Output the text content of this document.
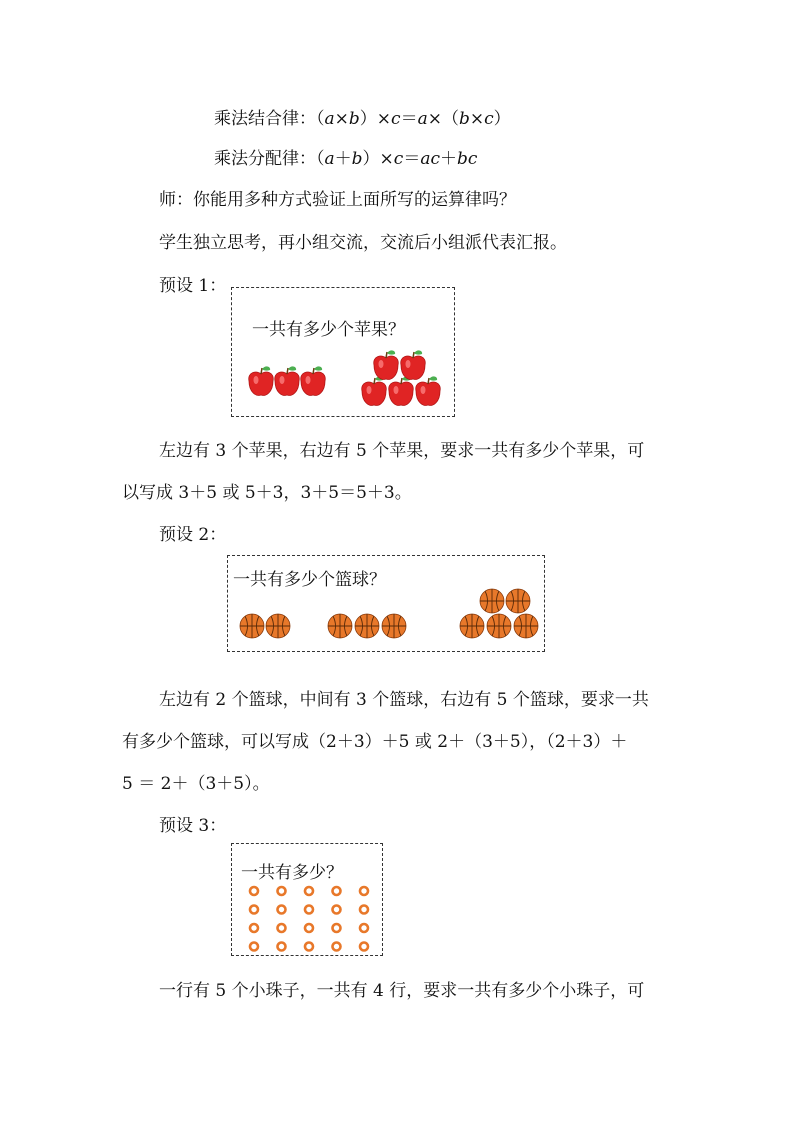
乘法结合律：（a×b）×c＝a×（b×c）
乘法分配律：（a＋b）×c＝ac＋bc
师：你能用多种方式验证上面所写的运算律吗？
学生独立思考，再小组交流，交流后小组派代表汇报。
预设 1：
一共有多少个苹果？
左边有 3 个苹果，右边有 5 个苹果，要求一共有多少个苹果，可
以写成 3＋5 或 5＋3，3＋5＝5＋3。
预设 2：
一共有多少个篮球？
左边有 2 个篮球，中间有 3 个篮球，右边有 5 个篮球，要求一共
有多少个篮球，可以写成（2＋3）＋5 或 2＋（3＋5），（2＋3）＋
5 ＝ 2＋（3＋5）。
预设 3：
一共有多少？
一行有 5 个小珠子，一共有 4 行，要求一共有多少个小珠子，可
